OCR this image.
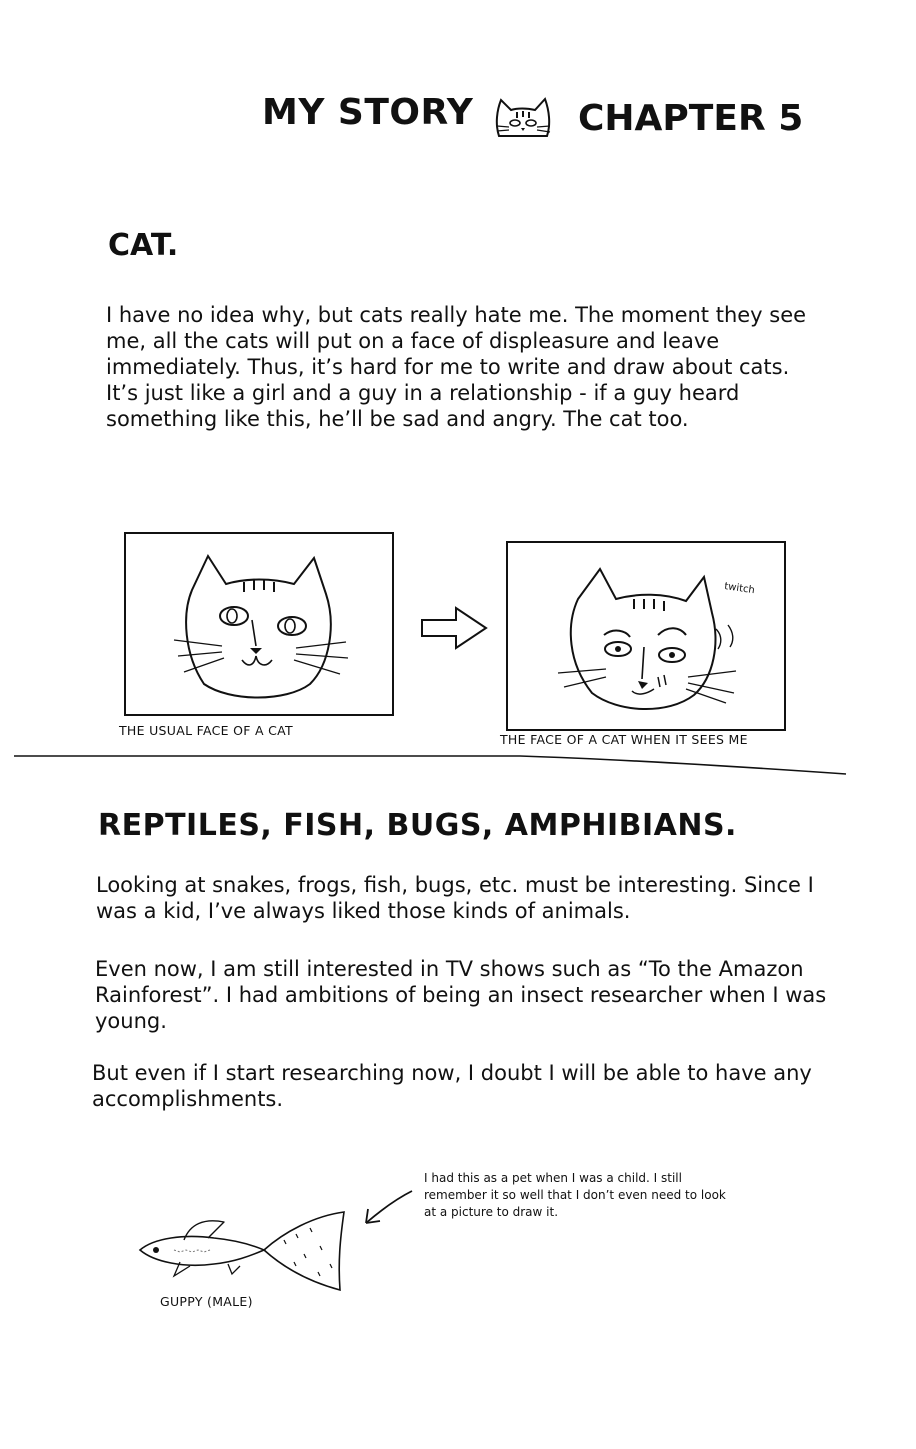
MY STORY	CHAPTER 5
CAT.
I have no idea why, but cats really hate me. The moment they see me, all the cats will put on a face of displeasure and leave immediately. Thus, it’s hard for me to write and draw about cats. It’s just like a girl and a guy in a relationship - if a guy heard something like this, he’ll be sad and angry. The cat too.
THE USUAL FACE OF A CAT
twitch
THE FACE OF A CAT WHEN IT SEES ME
REPTILES, FISH, BUGS, AMPHIBIANS.
Looking at snakes, frogs, fish, bugs, etc. must be interesting. Since I was a kid, I’ve always liked those kinds of animals.
Even now, I am still interested in TV shows such as “To the Amazon Rainforest”. I had ambitions of being an insect researcher when I was young.
But even if I start researching now, I doubt I will be able to have any accomplishments.
I had this as a pet when I was a child. I still remember it so well that I don’t even need to look at a picture to draw it.
GUPPY (MALE)
